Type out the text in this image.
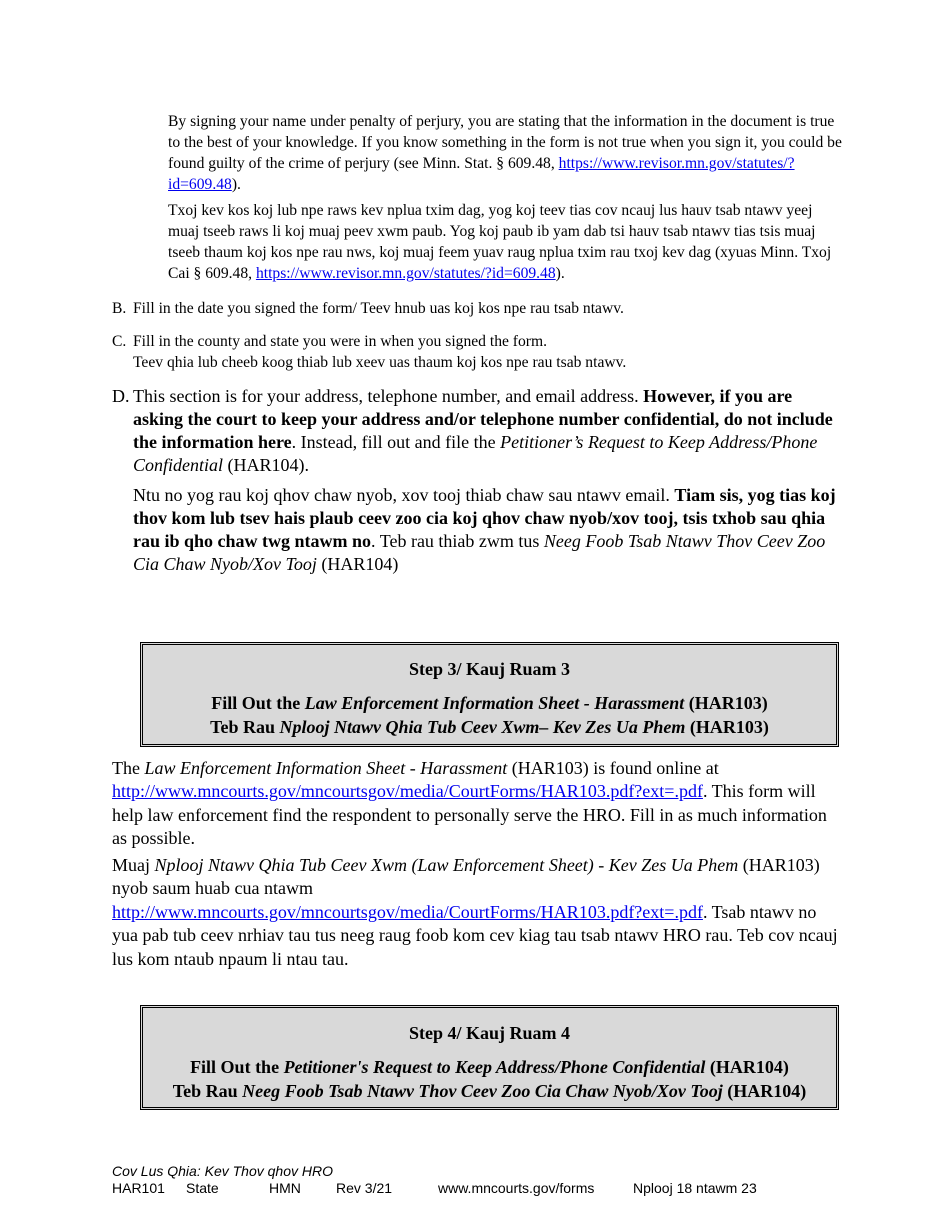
By signing your name under penalty of perjury, you are stating that the information in the document is true to the best of your knowledge. If you know something in the form is not true when you sign it, you could be found guilty of the crime of perjury (see Minn. Stat. § 609.48, https://www.revisor.mn.gov/statutes/?id=609.48).

Txoj kev kos koj lub npe raws kev nplua txim dag, yog koj teev tias cov ncauj lus hauv tsab ntawv yeej muaj tseeb raws li koj muaj peev xwm paub. Yog koj paub ib yam dab tsi hauv tsab ntawv tias tsis muaj tseeb thaum koj kos npe rau nws, koj muaj feem yuav raug nplua txim rau txoj kev dag (xyuas Minn. Txoj Cai § 609.48, https://www.revisor.mn.gov/statutes/?id=609.48).

B. Fill in the date you signed the form/ Teev hnub uas koj kos npe rau tsab ntawv.

C. Fill in the county and state you were in when you signed the form.

Teev qhia lub cheeb koog thiab lub xeev uas thaum koj kos npe rau tsab ntawv.

D. This section is for your address, telephone number, and email address. However, if you are asking the court to keep your address and/or telephone number confidential, do not include the information here. Instead, fill out and file the Petitioner’s Request to Keep Address/Phone Confidential (HAR104).

Ntu no yog rau koj qhov chaw nyob, xov tooj thiab chaw sau ntawv email. Tiam sis, yog tias koj thov kom lub tsev hais plaub ceev zoo cia koj qhov chaw nyob/xov tooj, tsis txhob sau qhia rau ib qho chaw twg ntawm no. Teb rau thiab zwm tus Neeg Foob Tsab Ntawv Thov Ceev Zoo Cia Chaw Nyob/Xov Tooj (HAR104)

Step 3/ Kauj Ruam 3
Fill Out the Law Enforcement Information Sheet - Harassment (HAR103)
Teb Rau Nplooj Ntawv Qhia Tub Ceev Xwm– Kev Zes Ua Phem (HAR103)

The Law Enforcement Information Sheet - Harassment (HAR103) is found online at http://www.mncourts.gov/mncourtsgov/media/CourtForms/HAR103.pdf?ext=.pdf. This form will help law enforcement find the respondent to personally serve the HRO. Fill in as much information as possible.

Muaj Nplooj Ntawv Qhia Tub Ceev Xwm (Law Enforcement Sheet) - Kev Zes Ua Phem (HAR103) nyob saum huab cua ntawm http://www.mncourts.gov/mncourtsgov/media/CourtForms/HAR103.pdf?ext=.pdf. Tsab ntawv no yua pab tub ceev nrhiav tau tus neeg raug foob kom cev kiag tau tsab ntawv HRO rau. Teb cov ncauj lus kom ntaub npaum li ntau tau.

Step 4/ Kauj Ruam 4
Fill Out the Petitioner's Request to Keep Address/Phone Confidential (HAR104)
Teb Rau Neeg Foob Tsab Ntawv Thov Ceev Zoo Cia Chaw Nyob/Xov Tooj (HAR104)
Cov Lus Qhia: Kev Thov qhov HRO
HAR101 State	HMN	Rev 3/21	www.mncourts.gov/forms	Nplooj 18 ntawm 23
